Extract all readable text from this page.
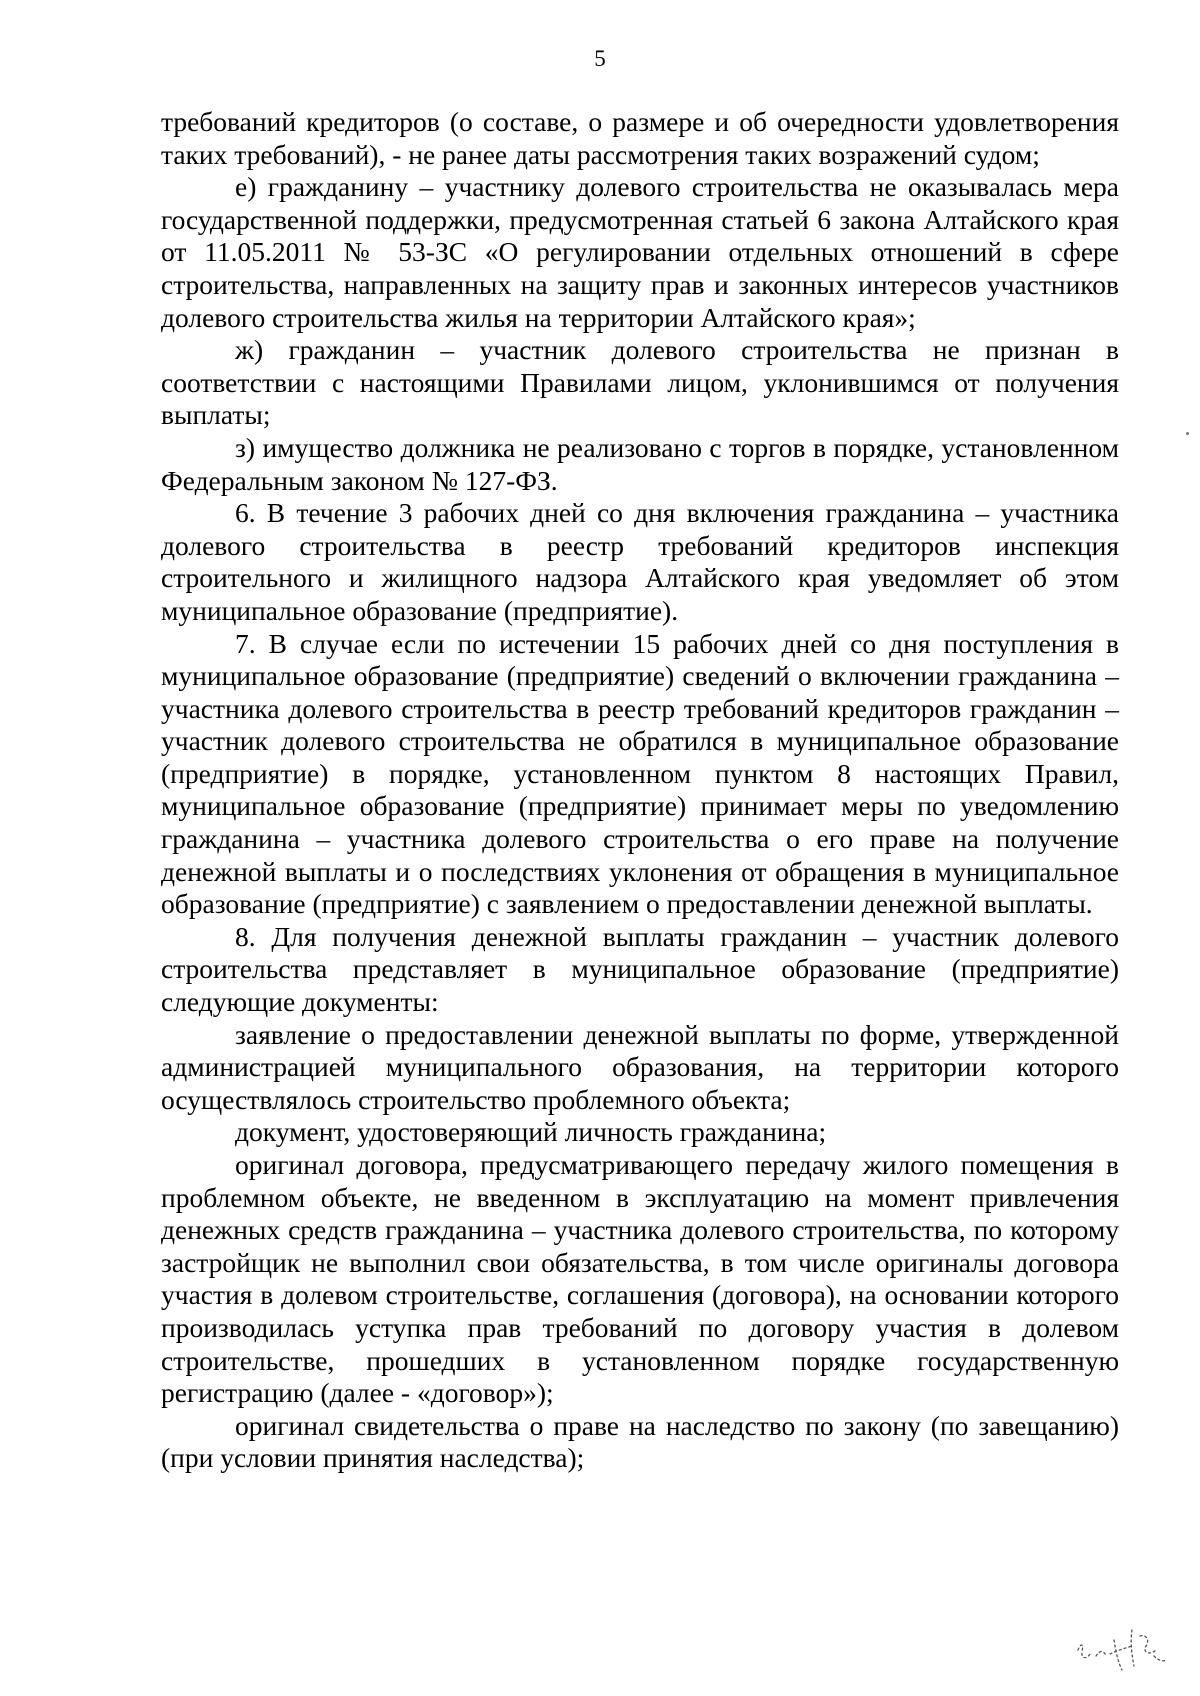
5

требований кредиторов (о составе, о размере и об очередности удовлетворения таких требований), - не ранее даты рассмотрения таких возражений судом;

е) гражданину – участнику долевого строительства не оказывалась мера государственной поддержки, предусмотренная статьей 6 закона Алтайского края от 11.05.2011 № 53-ЗС «О регулировании отдельных отношений в сфере строительства, направленных на защиту прав и законных интересов участников долевого строительства жилья на территории Алтайского края»;

ж) гражданин – участник долевого строительства не признан в соответствии с настоящими Правилами лицом, уклонившимся от получения выплаты;

з) имущество должника не реализовано с торгов в порядке, установленном Федеральным законом № 127-ФЗ.

6. В течение 3 рабочих дней со дня включения гражданина – участника долевого строительства в реестр требований кредиторов инспекция строительного и жилищного надзора Алтайского края уведомляет об этом муниципальное образование (предприятие).

7. В случае если по истечении 15 рабочих дней со дня поступления в муниципальное образование (предприятие) сведений о включении гражданина – участника долевого строительства в реестр требований кредиторов гражданин – участник долевого строительства не обратился в муниципальное образование (предприятие) в порядке, установленном пунктом 8 настоящих Правил, муниципальное образование (предприятие) принимает меры по уведомлению гражданина – участника долевого строительства о его праве на получение денежной выплаты и о последствиях уклонения от обращения в муниципальное образование (предприятие) с заявлением о предоставлении денежной выплаты.

8. Для получения денежной выплаты гражданин – участник долевого строительства представляет в муниципальное образование (предприятие) следующие документы:

заявление о предоставлении денежной выплаты по форме, утвержденной администрацией муниципального образования, на территории которого осуществлялось строительство проблемного объекта;

документ, удостоверяющий личность гражданина;

оригинал договора, предусматривающего передачу жилого помещения в проблемном объекте, не введенном в эксплуатацию на момент привлечения денежных средств гражданина – участника долевого строительства, по которому застройщик не выполнил свои обязательства, в том числе оригиналы договора участия в долевом строительстве, соглашения (договора), на основании которого производилась уступка прав требований по договору участия в долевом строительстве, прошедших в установленном порядке государственную регистрацию (далее - «договор»);

оригинал свидетельства о праве на наследство по закону (по завещанию) (при условии принятия наследства);
